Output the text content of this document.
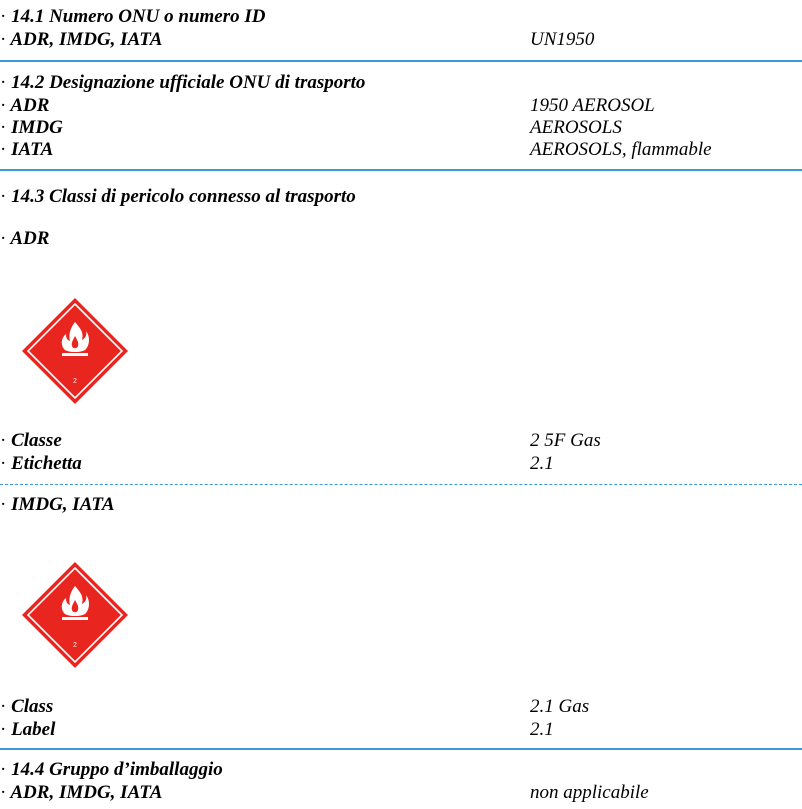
· 14.1 Numero ONU o numero ID
· ADR, IMDG, IATA	UN1950
· 14.2 Designazione ufficiale ONU di trasporto
· ADR	1950 AEROSOL
· IMDG	AEROSOLS
· IATA	AEROSOLS, flammable
· 14.3 Classi di pericolo connesso al trasporto
· ADR
2
· Classe	2 5F Gas
· Etichetta	2.1
· IMDG, IATA
2
· Class	2.1 Gas
· Label	2.1
· 14.4 Gruppo d’imballaggio
· ADR, IMDG, IATA	non applicabile
